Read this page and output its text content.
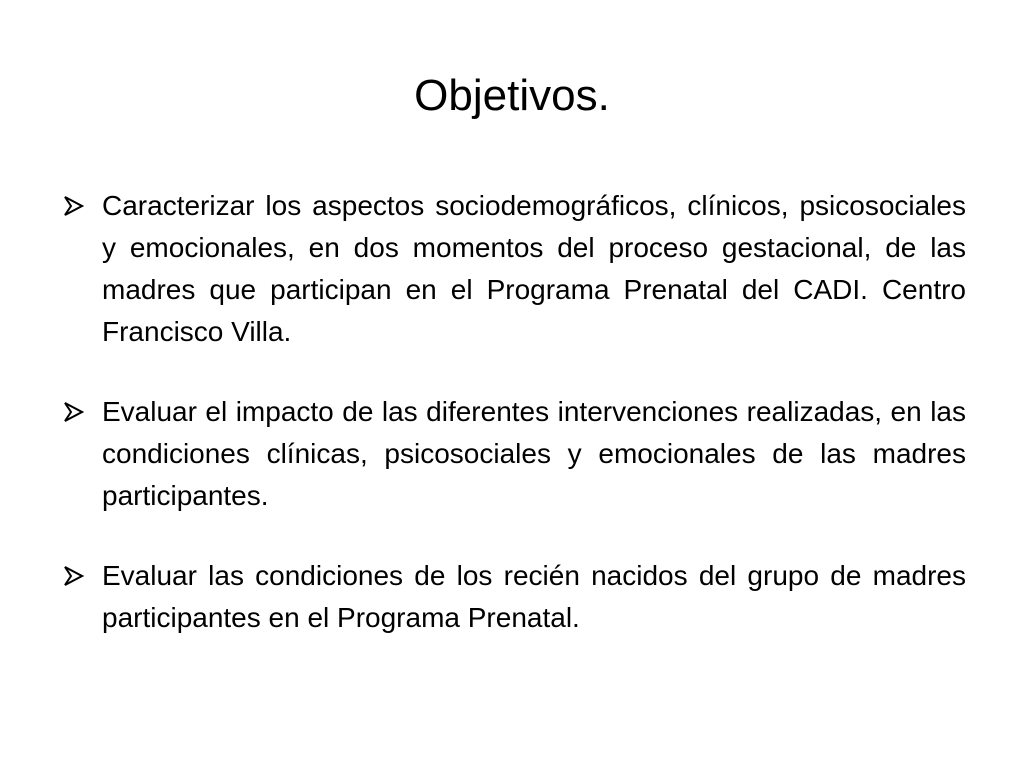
Objetivos.
Caracterizar los aspectos sociodemográficos, clínicos, psicosociales y emocionales, en dos momentos del proceso gestacional, de las madres que participan en el Programa Prenatal del CADI. Centro Francisco Villa.
Evaluar el impacto de las diferentes intervenciones realizadas, en las condiciones clínicas, psicosociales y emocionales de las madres participantes.
Evaluar las condiciones de los recién nacidos del grupo de madres participantes en el Programa Prenatal.
